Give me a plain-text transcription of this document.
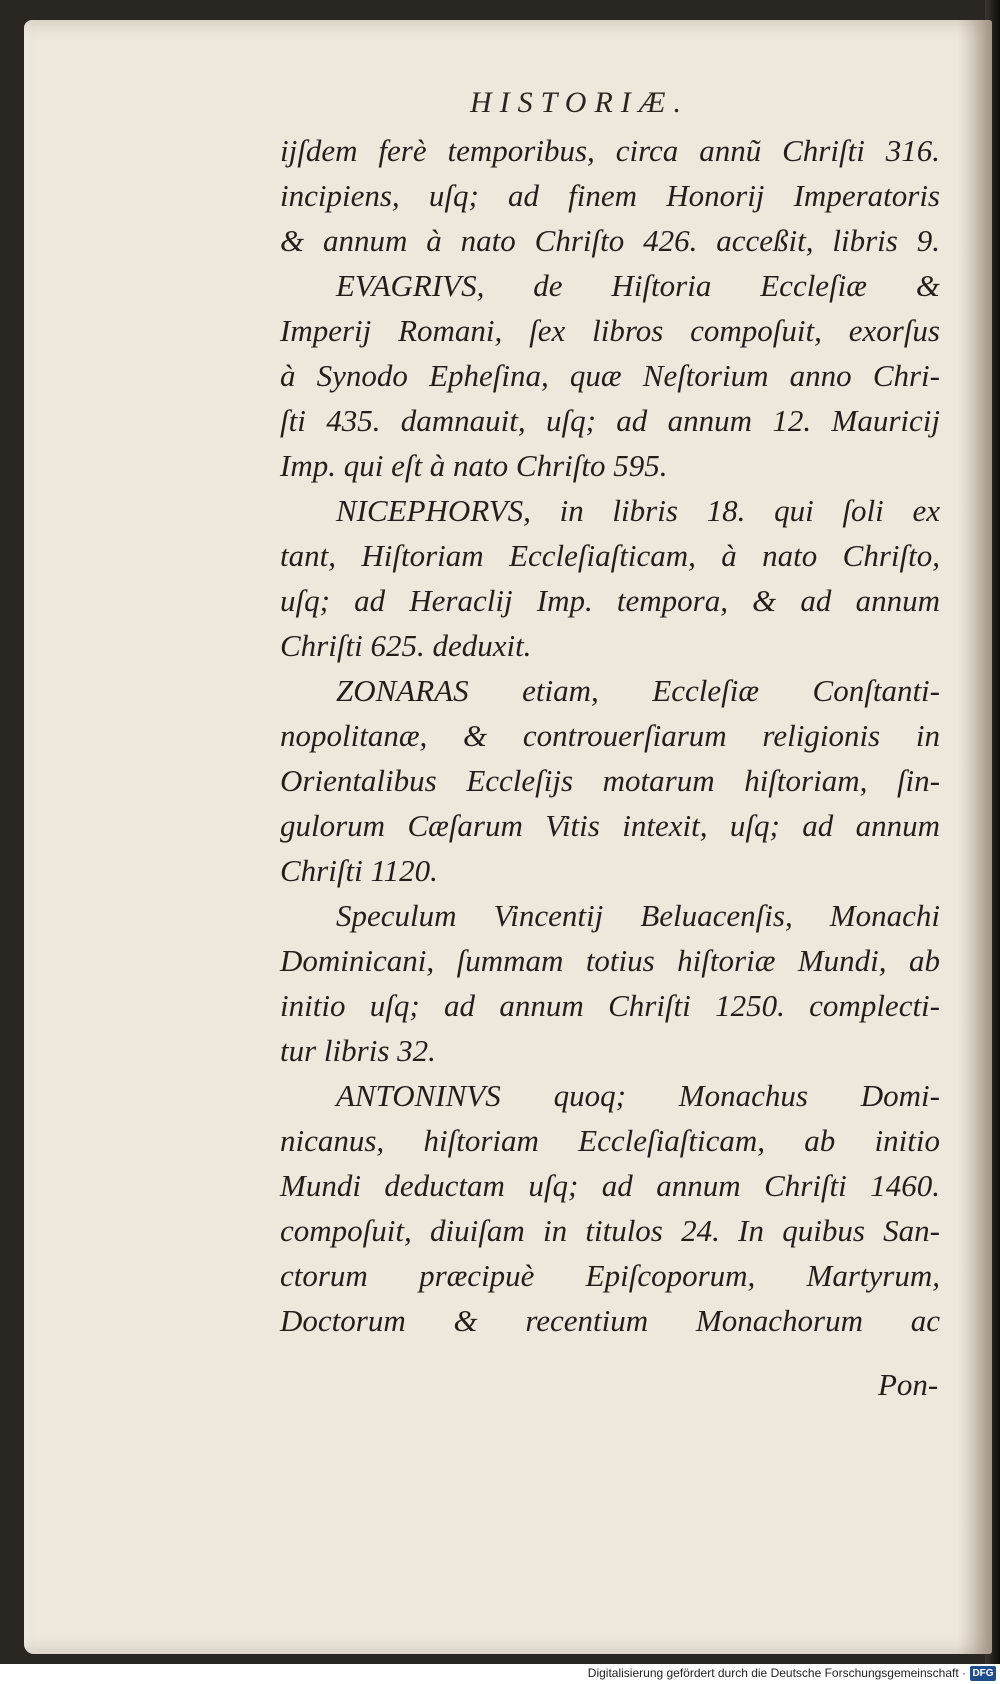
HISTORIÆ.
ijſdem ferè temporibus, circa annũ Chriſti 316.
incipiens, uſq; ad finem Honorij Imperatoris
& annum à nato Chriſto 426. acceßit, libris 9.
EVAGRIVS, de Hiſtoria Eccleſiæ &
Imperij Romani, ſex libros compoſuit, exorſus
à Synodo Epheſina, quæ Neſtorium anno Chri-
ſti 435. damnauit, uſq; ad annum 12. Mauricij
Imp. qui eſt à nato Chriſto 595.
NICEPHORVS, in libris 18. qui ſoli ex
tant, Hiſtoriam Eccleſiaſticam, à nato Chriſto,
uſq; ad Heraclij Imp. tempora, & ad annum
Chriſti 625. deduxit.
ZONARAS etiam, Eccleſiæ Conſtanti-
nopolitanæ, & controuerſiarum religionis in
Orientalibus Eccleſijs motarum hiſtoriam, ſin-
gulorum Cæſarum Vitis intexit, uſq; ad annum
Chriſti 1120.
Speculum Vincentij Beluacenſis, Monachi
Dominicani, ſummam totius hiſtoriæ Mundi, ab
initio uſq; ad annum Chriſti 1250. complecti-
tur libris 32.
ANTONINVS quoq; Monachus Domi-
nicanus, hiſtoriam Eccleſiaſticam, ab initio
Mundi deductam uſq; ad annum Chriſti 1460.
compoſuit, diuiſam in titulos 24. In quibus San-
ctorum præcipuè Epiſcoporum, Martyrum,
Doctorum & recentium Monachorum ac
Pon-
Digitalisierung gefördert durch die Deutsche Forschungsgemeinschaft · DFG
